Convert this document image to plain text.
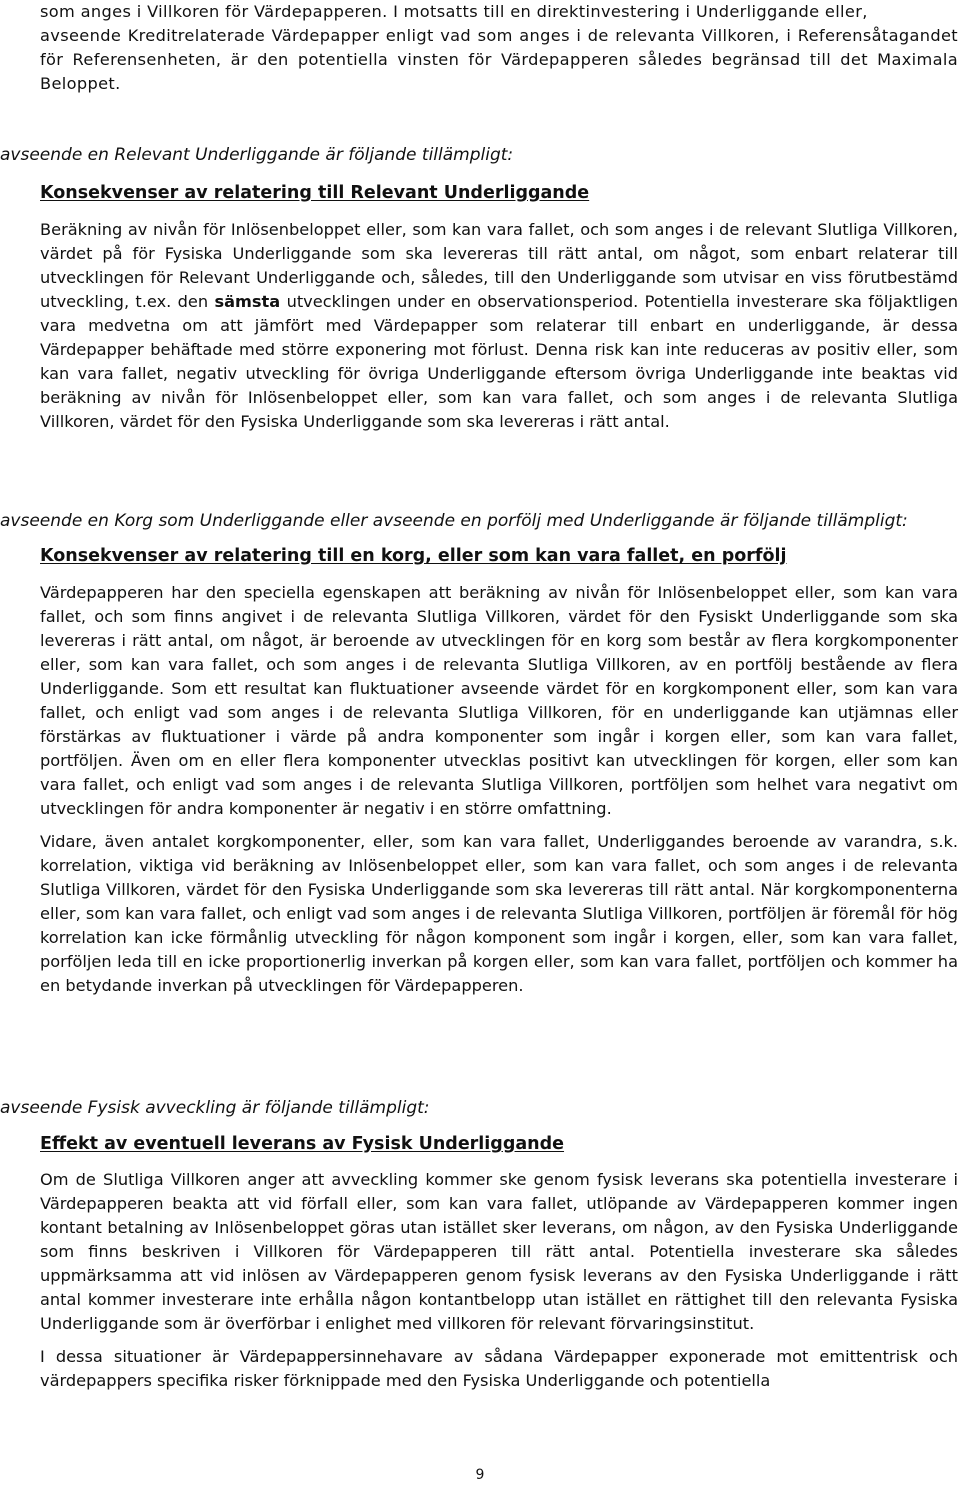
som anges i Villkoren för Värdepapperen. I motsatts till en direktinvestering i Underliggande eller,

avseende Kreditrelaterade Värdepapper enligt vad som anges i de relevanta Villkoren, i Referensåtagandet för Referensenheten, är den potentiella vinsten för Värdepapperen således begränsad till det Maximala Beloppet.

avseende en Relevant Underliggande är följande tillämpligt:

Konsekvenser av relatering till Relevant Underliggande

Beräkning av nivån för Inlösenbeloppet eller, som kan vara fallet, och som anges i de relevant Slutliga Villkoren, värdet på för Fysiska Underliggande som ska levereras till rätt antal, om något, som enbart relaterar till utvecklingen för Relevant Underliggande och, således, till den Underliggande som utvisar en viss förutbestämd utveckling, t.ex. den sämsta utvecklingen under en observationsperiod. Potentiella investerare ska följaktligen vara medvetna om att jämfört med Värdepapper som relaterar till enbart en underliggande, är dessa Värdepapper behäftade med större exponering mot förlust. Denna risk kan inte reduceras av positiv eller, som kan vara fallet, negativ utveckling för övriga Underliggande eftersom övriga Underliggande inte beaktas vid beräkning av nivån för Inlösenbeloppet eller, som kan vara fallet, och som anges i de relevanta Slutliga Villkoren, värdet för den Fysiska Underliggande som ska levereras i rätt antal.

avseende en Korg som Underliggande eller avseende en porfölj med Underliggande är följande tillämpligt:

Konsekvenser av relatering till en korg, eller som kan vara fallet, en porfölj

Värdepapperen har den speciella egenskapen att beräkning av nivån för Inlösenbeloppet eller, som kan vara fallet, och som finns angivet i de relevanta Slutliga Villkoren, värdet för den Fysiskt Underliggande som ska levereras i rätt antal, om något, är beroende av utvecklingen för en korg som består av flera korgkomponenter eller, som kan vara fallet, och som anges i de relevanta Slutliga Villkoren, av en portfölj bestående av flera Underliggande. Som ett resultat kan fluktuationer avseende värdet för en korgkomponent eller, som kan vara fallet, och enligt vad som anges i de relevanta Slutliga Villkoren, för en underliggande kan utjämnas eller förstärkas av fluktuationer i värde på andra komponenter som ingår i korgen eller, som kan vara fallet, portföljen. Även om en eller flera komponenter utvecklas positivt kan utvecklingen för korgen, eller som kan vara fallet, och enligt vad som anges i de relevanta Slutliga Villkoren, portföljen som helhet vara negativt om utvecklingen för andra komponenter är negativ i en större omfattning.

Vidare, även antalet korgkomponenter, eller, som kan vara fallet, Underliggandes beroende av varandra, s.k. korrelation, viktiga vid beräkning av Inlösenbeloppet eller, som kan vara fallet, och som anges i de relevanta Slutliga Villkoren, värdet för den Fysiska Underliggande som ska levereras till rätt antal. När korgkomponenterna eller, som kan vara fallet, och enligt vad som anges i de relevanta Slutliga Villkoren, portföljen är föremål för hög korrelation kan icke förmånlig utveckling för någon komponent som ingår i korgen, eller, som kan vara fallet, porföljen leda till en icke proportionerlig inverkan på korgen eller, som kan vara fallet, portföljen och kommer ha en betydande inverkan på utvecklingen för Värdepapperen.

avseende Fysisk avveckling är följande tillämpligt:

Effekt av eventuell leverans av Fysisk Underliggande

Om de Slutliga Villkoren anger att avveckling kommer ske genom fysisk leverans ska potentiella investerare i Värdepapperen beakta att vid förfall eller, som kan vara fallet, utlöpande av Värdepapperen kommer ingen kontant betalning av Inlösenbeloppet göras utan istället sker leverans, om någon, av den Fysiska Underliggande som finns beskriven i Villkoren för Värdepapperen till rätt antal. Potentiella investerare ska således uppmärksamma att vid inlösen av Värdepapperen genom fysisk leverans av den Fysiska Underliggande i rätt antal kommer investerare inte erhålla någon kontantbelopp utan istället en rättighet till den relevanta Fysiska Underliggande som är överförbar i enlighet med villkoren för relevant förvaringsinstitut.

I dessa situationer är Värdepappersinnehavare av sådana Värdepapper exponerade mot emittentrisk och värdepappers specifika risker förknippade med den Fysiska Underliggande och potentiella

9
